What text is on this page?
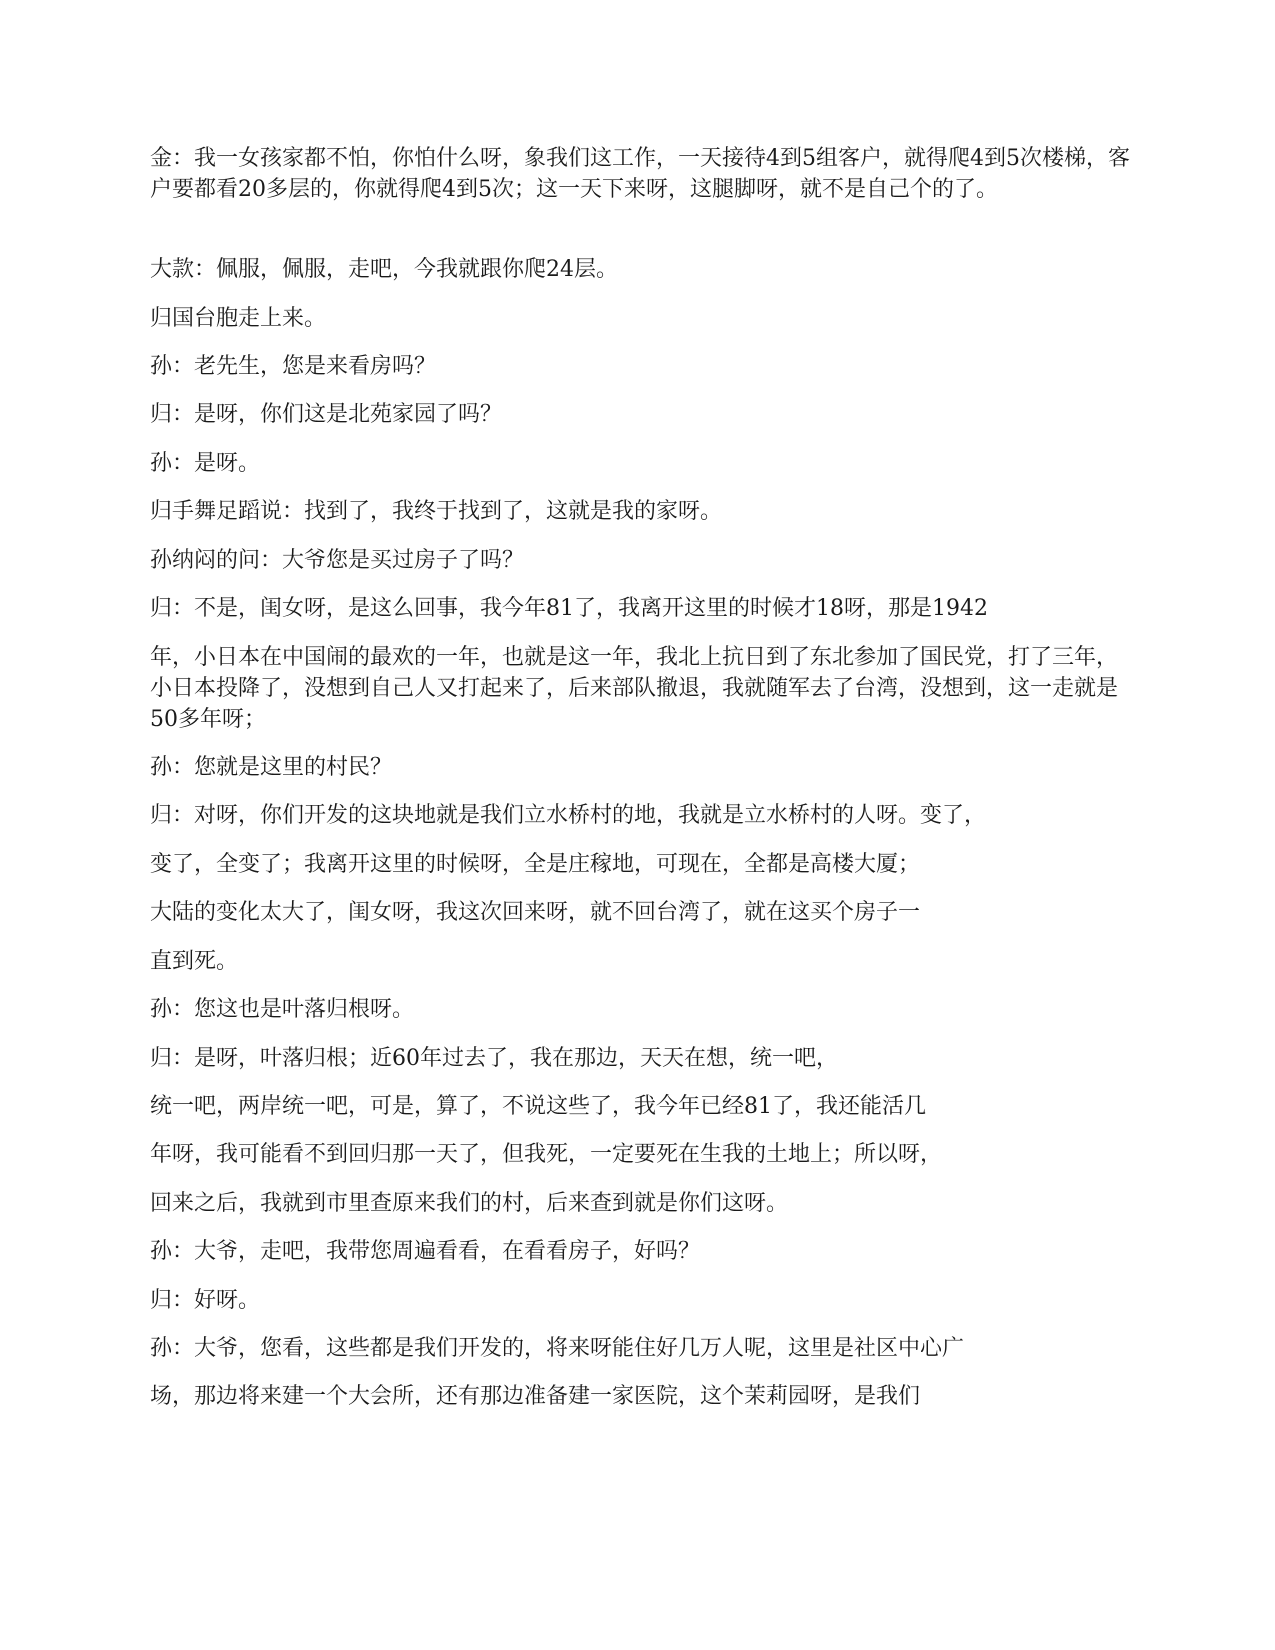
金：我一女孩家都不怕，你怕什么呀，象我们这工作，一天接待4到5组客户，就得爬4到5次楼梯，客户要都看20多层的，你就得爬4到5次；这一天下来呀，这腿脚呀，就不是自己个的了。

大款：佩服，佩服，走吧，今我就跟你爬24层。

归国台胞走上来。

孙：老先生，您是来看房吗？

归：是呀，你们这是北苑家园了吗？

孙：是呀。

归手舞足蹈说：找到了，我终于找到了，这就是我的家呀。

孙纳闷的问：大爷您是买过房子了吗？

归：不是，闺女呀，是这么回事，我今年81了，我离开这里的时候才18呀，那是1942

年，小日本在中国闹的最欢的一年，也就是这一年，我北上抗日到了东北参加了国民党，打了三年，小日本投降了，没想到自己人又打起来了，后来部队撤退，我就随军去了台湾，没想到，这一走就是50多年呀；

孙：您就是这里的村民？

归：对呀，你们开发的这块地就是我们立水桥村的地，我就是立水桥村的人呀。变了，

变了，全变了；我离开这里的时候呀，全是庄稼地，可现在，全都是高楼大厦；

大陆的变化太大了，闺女呀，我这次回来呀，就不回台湾了，就在这买个房子一

直到死。

孙：您这也是叶落归根呀。

归：是呀，叶落归根；近60年过去了，我在那边，天天在想，统一吧，

统一吧，两岸统一吧，可是，算了，不说这些了，我今年已经81了，我还能活几

年呀，我可能看不到回归那一天了，但我死，一定要死在生我的土地上；所以呀，

回来之后，我就到市里查原来我们的村，后来查到就是你们这呀。

孙：大爷，走吧，我带您周遍看看，在看看房子，好吗？

归：好呀。

孙：大爷，您看，这些都是我们开发的，将来呀能住好几万人呢，这里是社区中心广

场，那边将来建一个大会所，还有那边准备建一家医院，这个茉莉园呀，是我们
